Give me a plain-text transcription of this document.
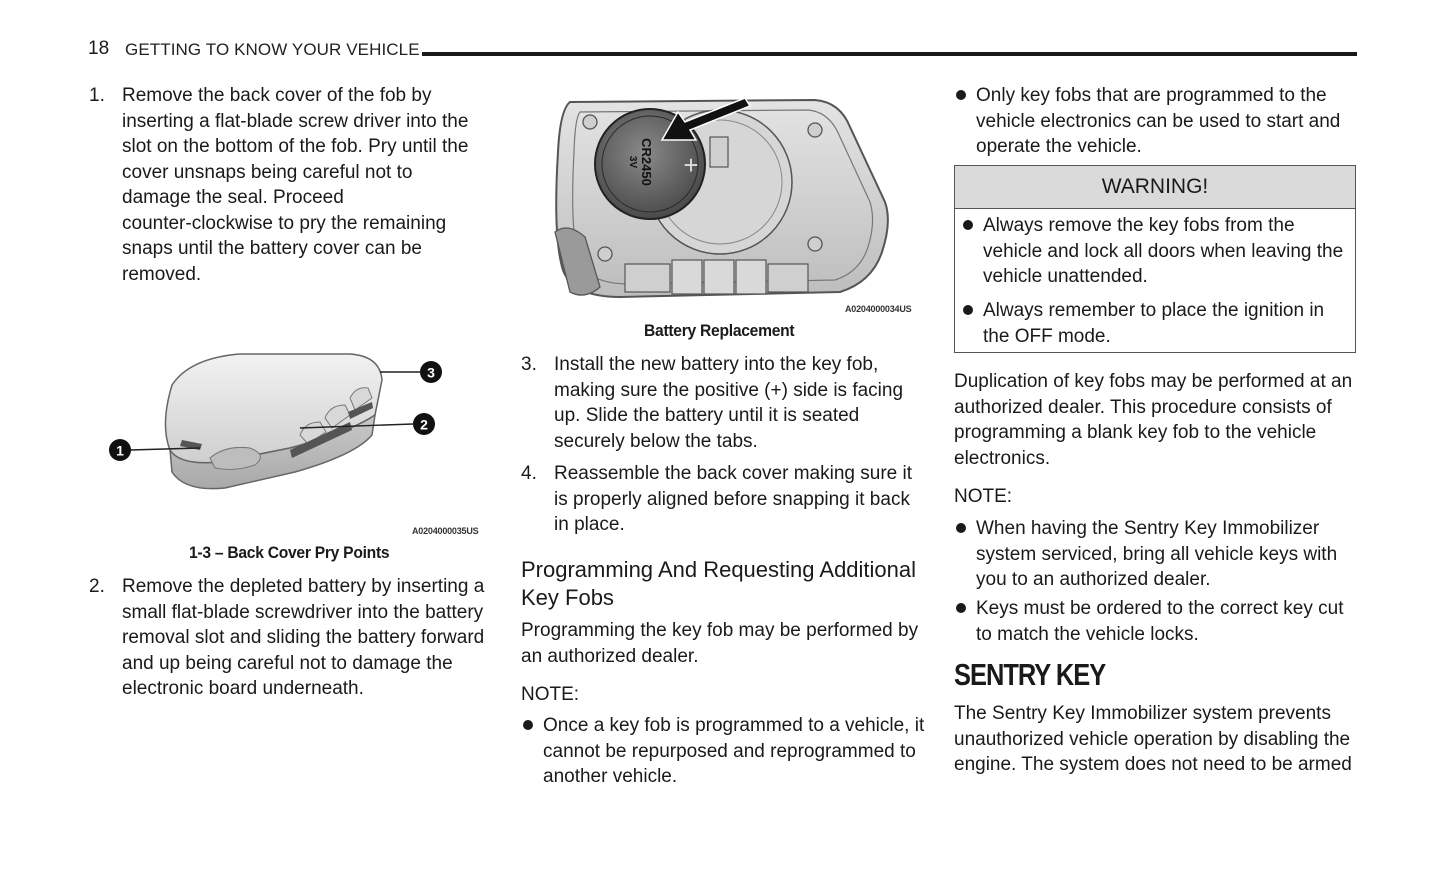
18 GETTING TO KNOW YOUR VEHICLE
1. Remove the back cover of the fob by
inserting a flat-blade screw driver into the
slot on the bottom of the fob. Pry until the
cover unsnaps being careful not to
damage the seal. Proceed
counter-clockwise to pry the remaining
snaps until the battery cover can be
removed.
1
2
3
A0204000035US
1-3 – Back Cover Pry Points
2. Remove the depleted battery by inserting a
small flat-blade screwdriver into the battery
removal slot and sliding the battery forward
and up being careful not to damage the
electronic board underneath.
CR2450
3V +
A0204000034US
Battery Replacement
3. Install the new battery into the key fob,
making sure the positive (+) side is facing
up. Slide the battery until it is seated
securely below the tabs.
4. Reassemble the back cover making sure it
is properly aligned before snapping it back
in place.
Programming And Requesting Additional
Key Fobs
Programming the key fob may be performed by
an authorized dealer.
NOTE:
Once a key fob is programmed to a vehicle, it
cannot be repurposed and reprogrammed to
another vehicle.
Only key fobs that are programmed to the
vehicle electronics can be used to start and
operate the vehicle.
WARNING!
Always remove the key fobs from the
vehicle and lock all doors when leaving the
vehicle unattended.
Always remember to place the ignition in
the OFF mode.
Duplication of key fobs may be performed at an
authorized dealer. This procedure consists of
programming a blank key fob to the vehicle
electronics.
NOTE:
When having the Sentry Key Immobilizer
system serviced, bring all vehicle keys with
you to an authorized dealer.
Keys must be ordered to the correct key cut
to match the vehicle locks.
SENTRY KEY
The Sentry Key Immobilizer system prevents
unauthorized vehicle operation by disabling the
engine. The system does not need to be armed
